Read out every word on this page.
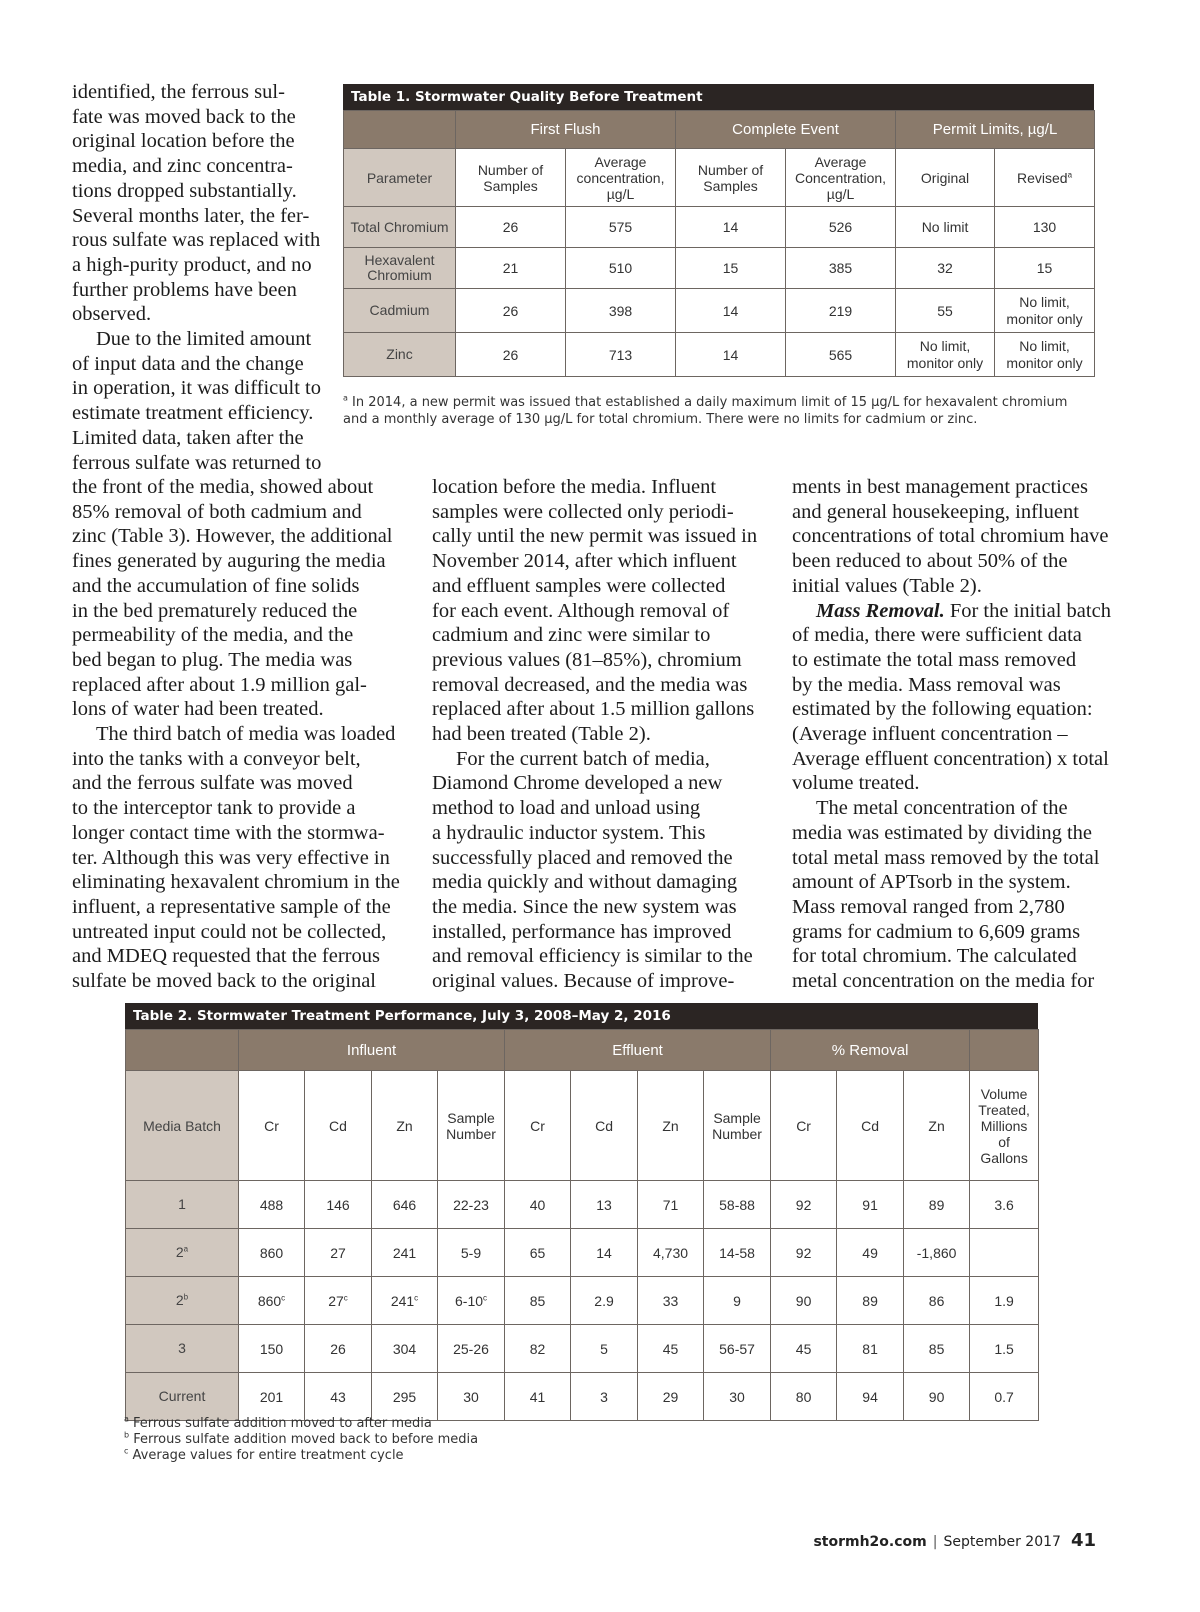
identified, the ferrous sul-
fate was moved back to the
original location before the
media, and zinc concentra-
tions dropped substantially.
Several months later, the fer-
rous sulfate was replaced with
a high-purity product, and no
further problems have been
observed.

Due to the limited amount
of input data and the change
in operation, it was difficult to
estimate treatment efficiency.
Limited data, taken after the
ferrous sulfate was returned to

the front of the media, showed about
85% removal of both cadmium and
zinc (Table 3). However, the additional
fines generated by auguring the media
and the accumulation of fine solids
in the bed prematurely reduced the
permeability of the media, and the
bed began to plug. The media was
replaced after about 1.9 million gal-
lons of water had been treated.

The third batch of media was loaded
into the tanks with a conveyor belt,
and the ferrous sulfate was moved
to the interceptor tank to provide a
longer contact time with the stormwa-
ter. Although this was very effective in
eliminating hexavalent chromium in the
influent, a representative sample of the
untreated input could not be collected,
and MDEQ requested that the ferrous
sulfate be moved back to the original

location before the media. Influent
samples were collected only periodi-
cally until the new permit was issued in
November 2014, after which influent
and effluent samples were collected
for each event. Although removal of
cadmium and zinc were similar to
previous values (81–85%), chromium
removal decreased, and the media was
replaced after about 1.5 million gallons
had been treated (Table 2).

For the current batch of media,
Diamond Chrome developed a new
method to load and unload using
a hydraulic inductor system. This
successfully placed and removed the
media quickly and without damaging
the media. Since the new system was
installed, performance has improved
and removal efficiency is similar to the
original values. Because of improve-

ments in best management practices
and general housekeeping, influent
concentrations of total chromium have
been reduced to about 50% of the
initial values (Table 2).

Mass Removal. For the initial batch
of media, there were sufficient data
to estimate the total mass removed
by the media. Mass removal was
estimated by the following equation:
(Average influent concentration –
Average effluent concentration) x total
volume treated.

The metal concentration of the
media was estimated by dividing the
total metal mass removed by the total
amount of APTsorb in the system.
Mass removal ranged from 2,780
grams for cadmium to 6,609 grams
for total chromium. The calculated
metal concentration on the media for

Table 1. Stormwater Quality Before Treatment
	First Flush		Complete Event		Permit Limits, µg/L	
Parameter	Number of Samples	Average concentration, µg/L	Number of Samples	Average Concentration, µg/L	Original	Revised$^a$
Total Chromium	26	575	14	526	No limit	130
Hexavalent Chromium	21	510	15	385	32	15
Cadmium	26	398	14	219	55	No limit, monitor only
Zinc	26	713	14	565	No limit, monitor only	No limit, monitor only
$^a$ In 2014, a new permit was issued that established a daily maximum limit of 15 µg/L for hexavalent chromium and a monthly average of 130 µg/L for total chromium. There were no limits for cadmium or zinc.
Table 2. Stormwater Treatment Performance, July 3, 2008–May 2, 2016
	Influent				Effluent				% Removal			
Media Batch	Cr	Cd	Zn	Sample Number	Cr	Cd	Zn	Sample Number	Cr	Cd	Zn	Volume Treated, Millions of Gallons
1	488	146	646	22-23	40	13	71	58-88	92	91	89	3.6
2$^a$	860	27	241	5-9	65	14	4,730	14-58	92	49	-1,860	
2$^b$	860$^c$	27$^c$	241$^c$	6-10$^c$	85	2.9	33	9	90	89	86	1.9
3	150	26	304	25-26	82	5	45	56-57	45	81	85	1.5
Current	201	43	295	30	41	3	29	30	80	94	90	0.7
$^a$ Ferrous sulfate addition moved to after media
$^b$ Ferrous sulfate addition moved back to before media
$^c$ Average values for entire treatment cycle
stormh2o.com | September 2017 41
